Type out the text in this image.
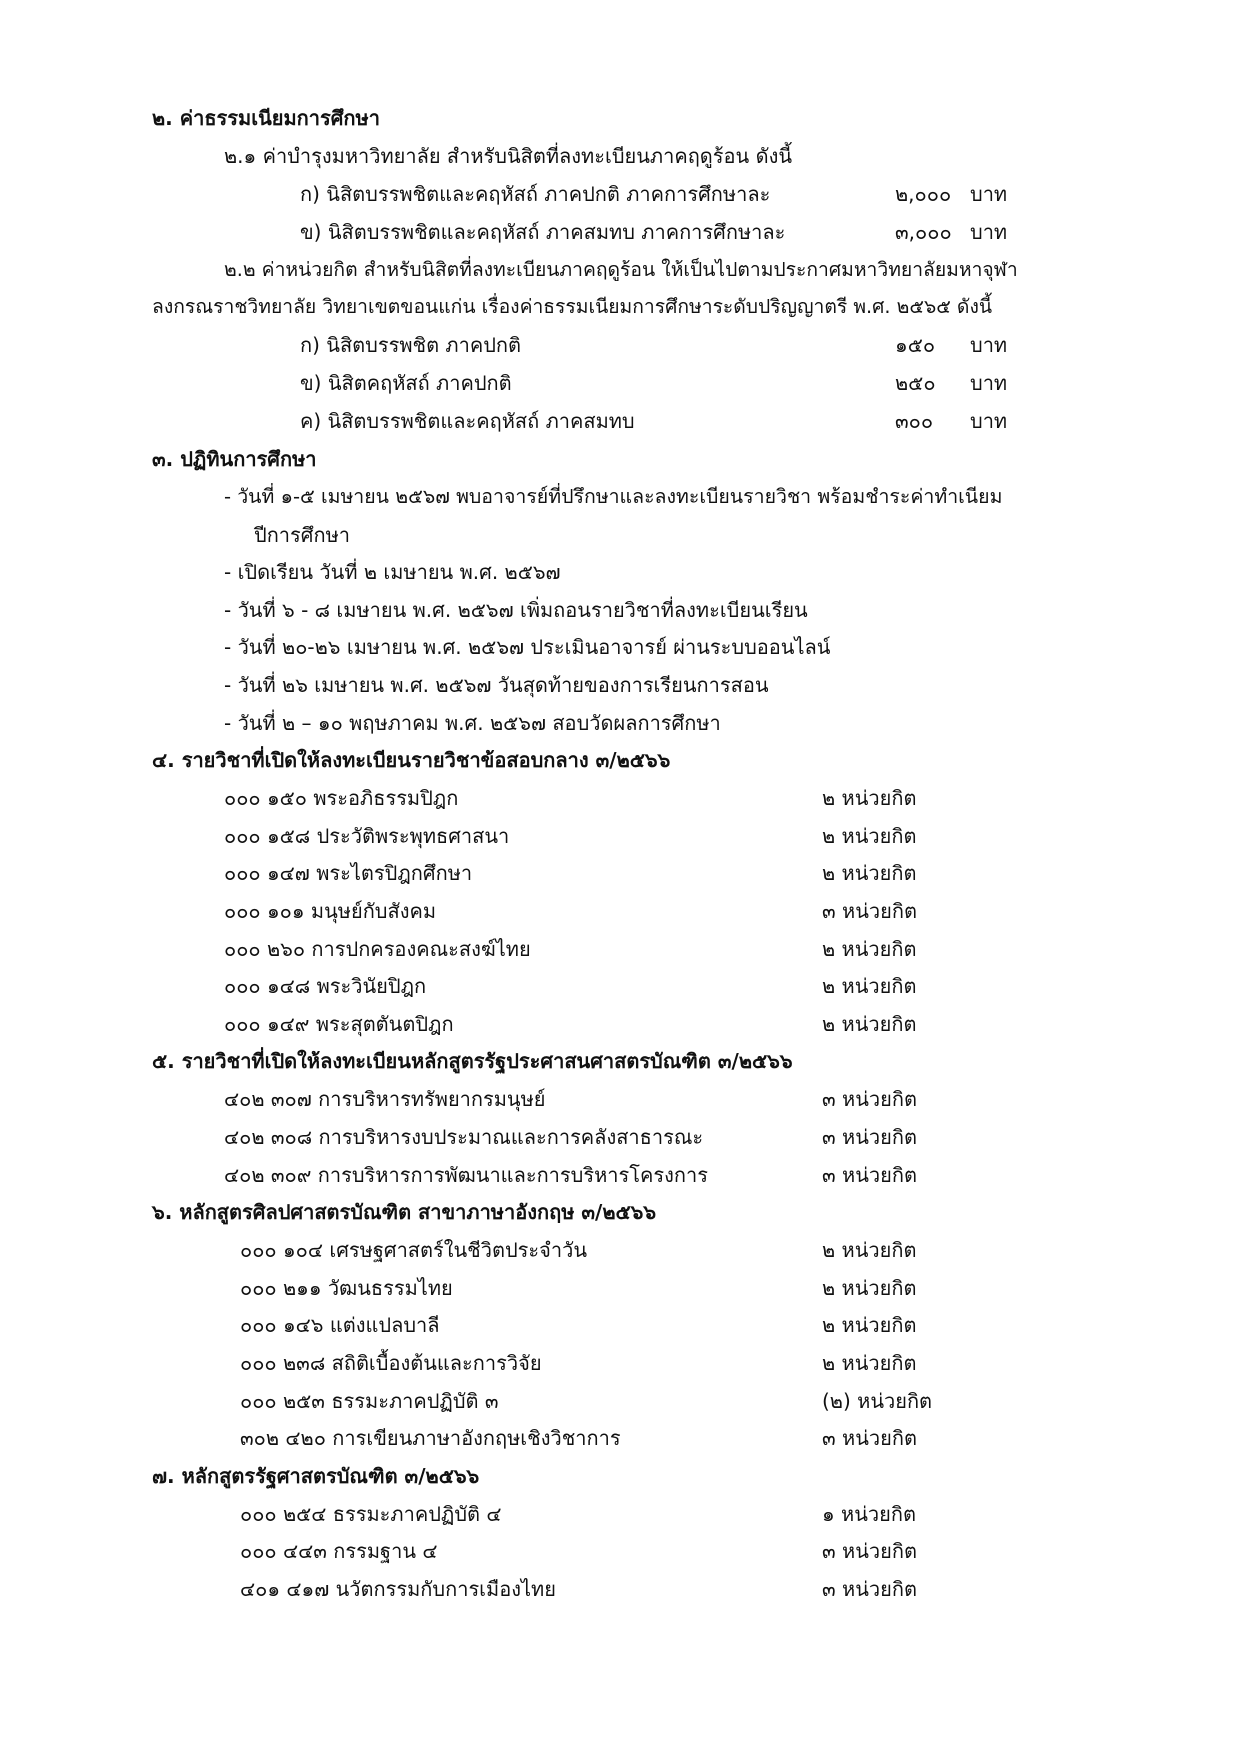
๒. ค่าธรรมเนียมการศึกษา
๒.๑ ค่าบำรุงมหาวิทยาลัย สำหรับนิสิตที่ลงทะเบียนภาคฤดูร้อน ดังนี้
ก) นิสิตบรรพชิตและคฤหัสถ์ ภาคปกติ ภาคการศึกษาละ	๒,๐๐๐ บาท
ข) นิสิตบรรพชิตและคฤหัสถ์ ภาคสมทบ ภาคการศึกษาละ	๓,๐๐๐ บาท
๒.๒ ค่าหน่วยกิต สำหรับนิสิตที่ลงทะเบียนภาคฤดูร้อน ให้เป็นไปตามประกาศมหาวิทยาลัยมหาจุฬา
ลงกรณราชวิทยาลัย วิทยาเขตขอนแก่น เรื่องค่าธรรมเนียมการศึกษาระดับปริญญาตรี พ.ศ. ๒๕๖๕ ดังนี้
ก) นิสิตบรรพชิต ภาคปกติ	๑๕๐ บาท
ข) นิสิตคฤหัสถ์ ภาคปกติ	๒๕๐ บาท
ค) นิสิตบรรพชิตและคฤหัสถ์ ภาคสมทบ	๓๐๐ บาท
๓. ปฏิทินการศึกษา
- วันที่ ๑-๕ เมษายน ๒๕๖๗ พบอาจารย์ที่ปรึกษาและลงทะเบียนรายวิชา พร้อมชำระค่าทำเนียม
ปีการศึกษา
- เปิดเรียน วันที่ ๒ เมษายน พ.ศ. ๒๕๖๗
- วันที่ ๖ - ๘ เมษายน พ.ศ. ๒๕๖๗ เพิ่มถอนรายวิชาที่ลงทะเบียนเรียน
- วันที่ ๒๐-๒๖ เมษายน พ.ศ. ๒๕๖๗ ประเมินอาจารย์ ผ่านระบบออนไลน์
- วันที่ ๒๖ เมษายน พ.ศ. ๒๕๖๗ วันสุดท้ายของการเรียนการสอน
- วันที่ ๒ – ๑๐ พฤษภาคม พ.ศ. ๒๕๖๗ สอบวัดผลการศึกษา
๔. รายวิชาที่เปิดให้ลงทะเบียนรายวิชาข้อสอบกลาง ๓/๒๕๖๖
๐๐๐ ๑๕๐ พระอภิธรรมปิฎก	๒ หน่วยกิต
๐๐๐ ๑๕๘ ประวัติพระพุทธศาสนา	๒ หน่วยกิต
๐๐๐ ๑๔๗ พระไตรปิฎกศึกษา	๒ หน่วยกิต
๐๐๐ ๑๐๑ มนุษย์กับสังคม	๓ หน่วยกิต
๐๐๐ ๒๖๐ การปกครองคณะสงฆ์ไทย	๒ หน่วยกิต
๐๐๐ ๑๔๘ พระวินัยปิฎก	๒ หน่วยกิต
๐๐๐ ๑๔๙ พระสุตตันตปิฎก	๒ หน่วยกิต
๕. รายวิชาที่เปิดให้ลงทะเบียนหลักสูตรรัฐประศาสนศาสตรบัณฑิต ๓/๒๕๖๖
๔๐๒ ๓๐๗ การบริหารทรัพยากรมนุษย์	๓ หน่วยกิต
๔๐๒ ๓๐๘ การบริหารงบประมาณและการคลังสาธารณะ	๓ หน่วยกิต
๔๐๒ ๓๐๙ การบริหารการพัฒนาและการบริหารโครงการ	๓ หน่วยกิต
๖. หลักสูตรศิลปศาสตรบัณฑิต สาขาภาษาอังกฤษ ๓/๒๕๖๖
๐๐๐ ๑๐๔ เศรษฐศาสตร์ในชีวิตประจำวัน	๒ หน่วยกิต
๐๐๐ ๒๑๑ วัฒนธรรมไทย	๒ หน่วยกิต
๐๐๐ ๑๔๖ แต่งแปลบาลี	๒ หน่วยกิต
๐๐๐ ๒๓๘ สถิติเบื้องต้นและการวิจัย	๒ หน่วยกิต
๐๐๐ ๒๕๓ ธรรมะภาคปฏิบัติ ๓	(๒) หน่วยกิต
๓๐๒ ๔๒๐ การเขียนภาษาอังกฤษเชิงวิชาการ	๓ หน่วยกิต
๗. หลักสูตรรัฐศาสตรบัณฑิต ๓/๒๕๖๖
๐๐๐ ๒๕๔ ธรรมะภาคปฏิบัติ ๔	๑ หน่วยกิต
๐๐๐ ๔๔๓ กรรมฐาน ๔	๓ หน่วยกิต
๔๐๑ ๔๑๗ นวัตกรรมกับการเมืองไทย	๓ หน่วยกิต
